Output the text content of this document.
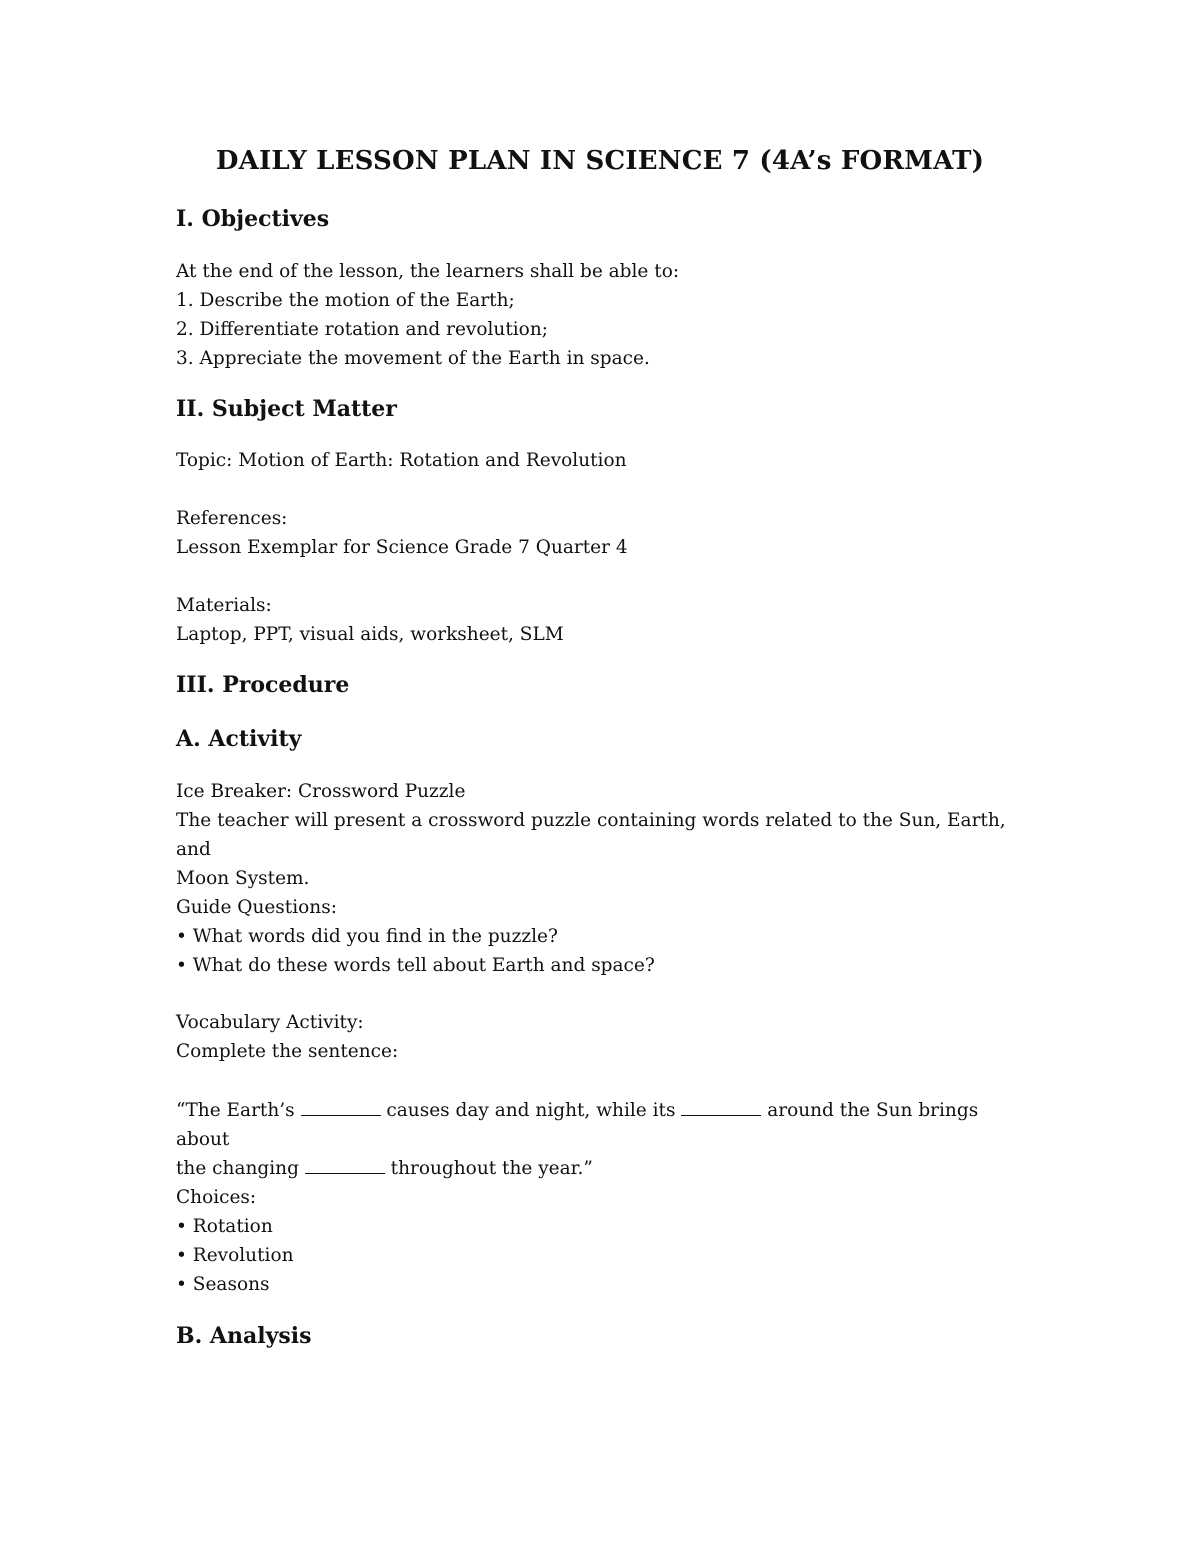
DAILY LESSON PLAN IN SCIENCE 7 (4A’s FORMAT)
I. Objectives

At the end of the lesson, the learners shall be able to:

1. Describe the motion of the Earth;

2. Differentiate rotation and revolution;

3. Appreciate the movement of the Earth in space.

II. Subject Matter

Topic: Motion of Earth: Rotation and Revolution

References:

Lesson Exemplar for Science Grade 7 Quarter 4

Materials:

Laptop, PPT, visual aids, worksheet, SLM

III. Procedure
A. Activity

Ice Breaker: Crossword Puzzle

The teacher will present a crossword puzzle containing words related to the Sun, Earth, and

Moon System.

Guide Questions:

• What words did you find in the puzzle?

• What do these words tell about Earth and space?

Vocabulary Activity:

Complete the sentence:

“The Earth’s	causes day and night, while its	around the Sun brings about

the changing	throughout the year.”

Choices:

• Rotation

• Revolution

• Seasons

B. Analysis
